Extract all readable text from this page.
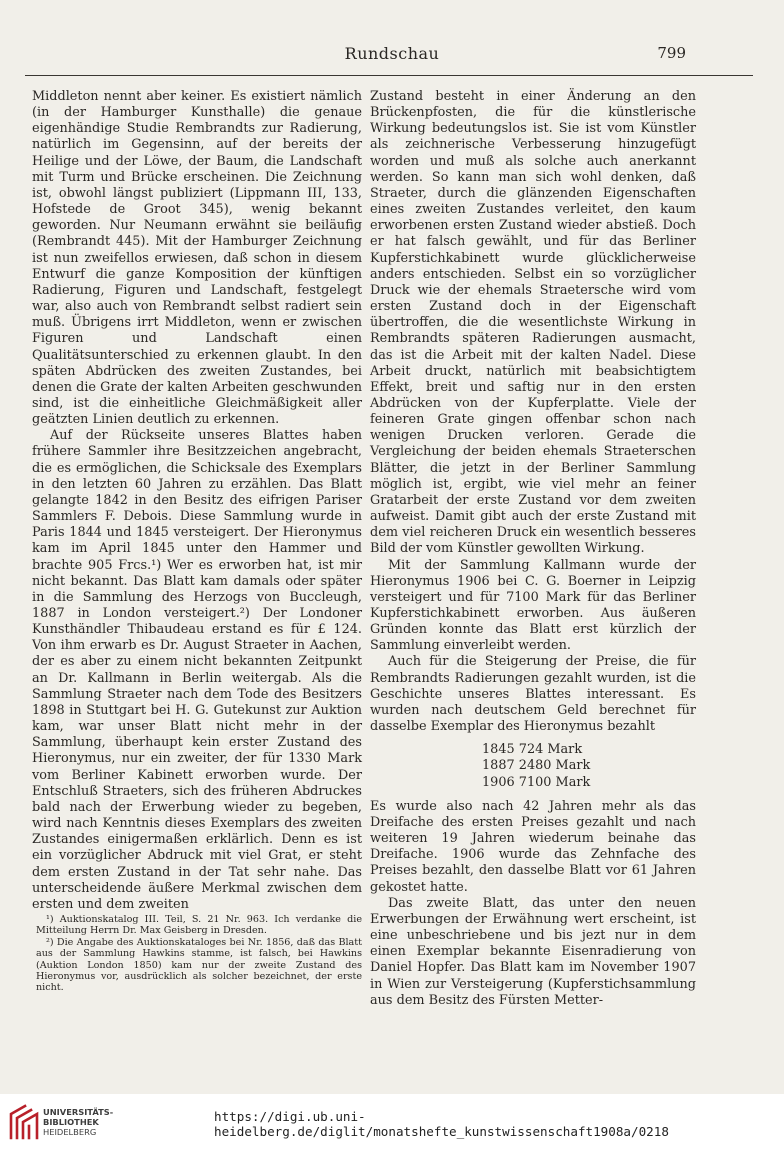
Rundschau	799

Middleton nennt aber keiner. Es existiert nämlich (in der Hamburger Kunsthalle) die genaue eigenhändige Studie Rembrandts zur Radierung, natürlich im Gegensinn, auf der bereits der Heilige und der Löwe, der Baum, die Landschaft mit Turm und Brücke erscheinen. Die Zeichnung ist, obwohl längst publiziert (Lippmann III, 133, Hofstede de Groot 345), wenig bekannt geworden. Nur Neumann erwähnt sie beiläufig (Rembrandt 445). Mit der Hamburger Zeichnung ist nun zweifellos erwiesen, daß schon in diesem Entwurf die ganze Komposition der künftigen Radierung, Figuren und Landschaft, festgelegt war, also auch von Rembrandt selbst radiert sein muß. Übrigens irrt Middleton, wenn er zwischen Figuren und Landschaft einen Qualitätsunterschied zu erkennen glaubt. In den späten Abdrücken des zweiten Zustandes, bei denen die Grate der kalten Arbeiten geschwunden sind, ist die einheitliche Gleichmäßigkeit aller geätzten Linien deutlich zu erkennen.

Auf der Rückseite unseres Blattes haben frühere Sammler ihre Besitzzeichen angebracht, die es ermöglichen, die Schicksale des Exemplars in den letzten 60 Jahren zu erzählen. Das Blatt gelangte 1842 in den Besitz des eifrigen Pariser Sammlers F. Debois. Diese Sammlung wurde in Paris 1844 und 1845 versteigert. Der Hieronymus kam im April 1845 unter den Hammer und brachte 905 Frcs.¹) Wer es erworben hat, ist mir nicht bekannt. Das Blatt kam damals oder später in die Sammlung des Herzogs von Buccleugh, 1887 in London versteigert.²) Der Londoner Kunsthändler Thibaudeau erstand es für £ 124. Von ihm erwarb es Dr. August Straeter in Aachen, der es aber zu einem nicht bekannten Zeitpunkt an Dr. Kallmann in Berlin weitergab. Als die Sammlung Straeter nach dem Tode des Besitzers 1898 in Stuttgart bei H. G. Gutekunst zur Auktion kam, war unser Blatt nicht mehr in der Sammlung, überhaupt kein erster Zustand des Hieronymus, nur ein zweiter, der für 1330 Mark vom Berliner Kabinett erworben wurde. Der Entschluß Straeters, sich des früheren Abdruckes bald nach der Erwerbung wieder zu begeben, wird nach Kenntnis dieses Exemplars des zweiten Zustandes einigermaßen erklärlich. Denn es ist ein vorzüglicher Abdruck mit viel Grat, er steht dem ersten Zustand in der Tat sehr nahe. Das unterscheidende äußere Merkmal zwischen dem ersten und dem zweiten

¹) Auktionskatalog III. Teil, S. 21 Nr. 963. Ich verdanke die Mitteilung Herrn Dr. Max Geisberg in Dresden.

²) Die Angabe des Auktionskataloges bei Nr. 1856, daß das Blatt aus der Sammlung Hawkins stamme, ist falsch, bei Hawkins (Auktion London 1850) kam nur der zweite Zustand des Hieronymus vor, ausdrücklich als solcher bezeichnet, der erste nicht.

Zustand besteht in einer Änderung an den Brückenpfosten, die für die künstlerische Wirkung bedeutungslos ist. Sie ist vom Künstler als zeichnerische Verbesserung hinzugefügt worden und muß als solche auch anerkannt werden. So kann man sich wohl denken, daß Straeter, durch die glänzenden Eigenschaften eines zweiten Zustandes verleitet, den kaum erworbenen ersten Zustand wieder abstieß. Doch er hat falsch gewählt, und für das Berliner Kupferstichkabinett wurde glücklicherweise anders entschieden. Selbst ein so vorzüglicher Druck wie der ehemals Straetersche wird vom ersten Zustand doch in der Eigenschaft übertroffen, die die wesentlichste Wirkung in Rembrandts späteren Radierungen ausmacht, das ist die Arbeit mit der kalten Nadel. Diese Arbeit druckt, natürlich mit beabsichtigtem Effekt, breit und saftig nur in den ersten Abdrücken von der Kupferplatte. Viele der feineren Grate gingen offenbar schon nach wenigen Drucken verloren. Gerade die Vergleichung der beiden ehemals Straeterschen Blätter, die jetzt in der Berliner Sammlung möglich ist, ergibt, wie viel mehr an feiner Gratarbeit der erste Zustand vor dem zweiten aufweist. Damit gibt auch der erste Zustand mit dem viel reicheren Druck ein wesentlich besseres Bild der vom Künstler gewollten Wirkung.

Mit der Sammlung Kallmann wurde der Hieronymus 1906 bei C. G. Boerner in Leipzig versteigert und für 7100 Mark für das Berliner Kupferstichkabinett erworben. Aus äußeren Gründen konnte das Blatt erst kürzlich der Sammlung einverleibt werden.

Auch für die Steigerung der Preise, die für Rembrandts Radierungen gezahlt wurden, ist die Geschichte unseres Blattes interessant. Es wurden nach deutschem Geld berechnet für dasselbe Exemplar des Hieronymus bezahlt

1845 724 Mark
1887 2480 Mark
1906 7100 Mark

Es wurde also nach 42 Jahren mehr als das Dreifache des ersten Preises gezahlt und nach weiteren 19 Jahren wiederum beinahe das Dreifache. 1906 wurde das Zehnfache des Preises bezahlt, den dasselbe Blatt vor 61 Jahren gekostet hatte.

Das zweite Blatt, das unter den neuen Erwerbungen der Erwähnung wert erscheint, ist eine unbeschriebene und bis jezt nur in dem einen Exemplar bekannte Eisenradierung von Daniel Hopfer. Das Blatt kam im November 1907 in Wien zur Versteigerung (Kupferstichsammlung aus dem Besitz des Fürsten Metter-

UNIVERSITÄTS-
BIBLIOTHEK
HEIDELBERG
https://digi.ub.uni-heidelberg.de/diglit/monatshefte_kunstwissenschaft1908a/0218
